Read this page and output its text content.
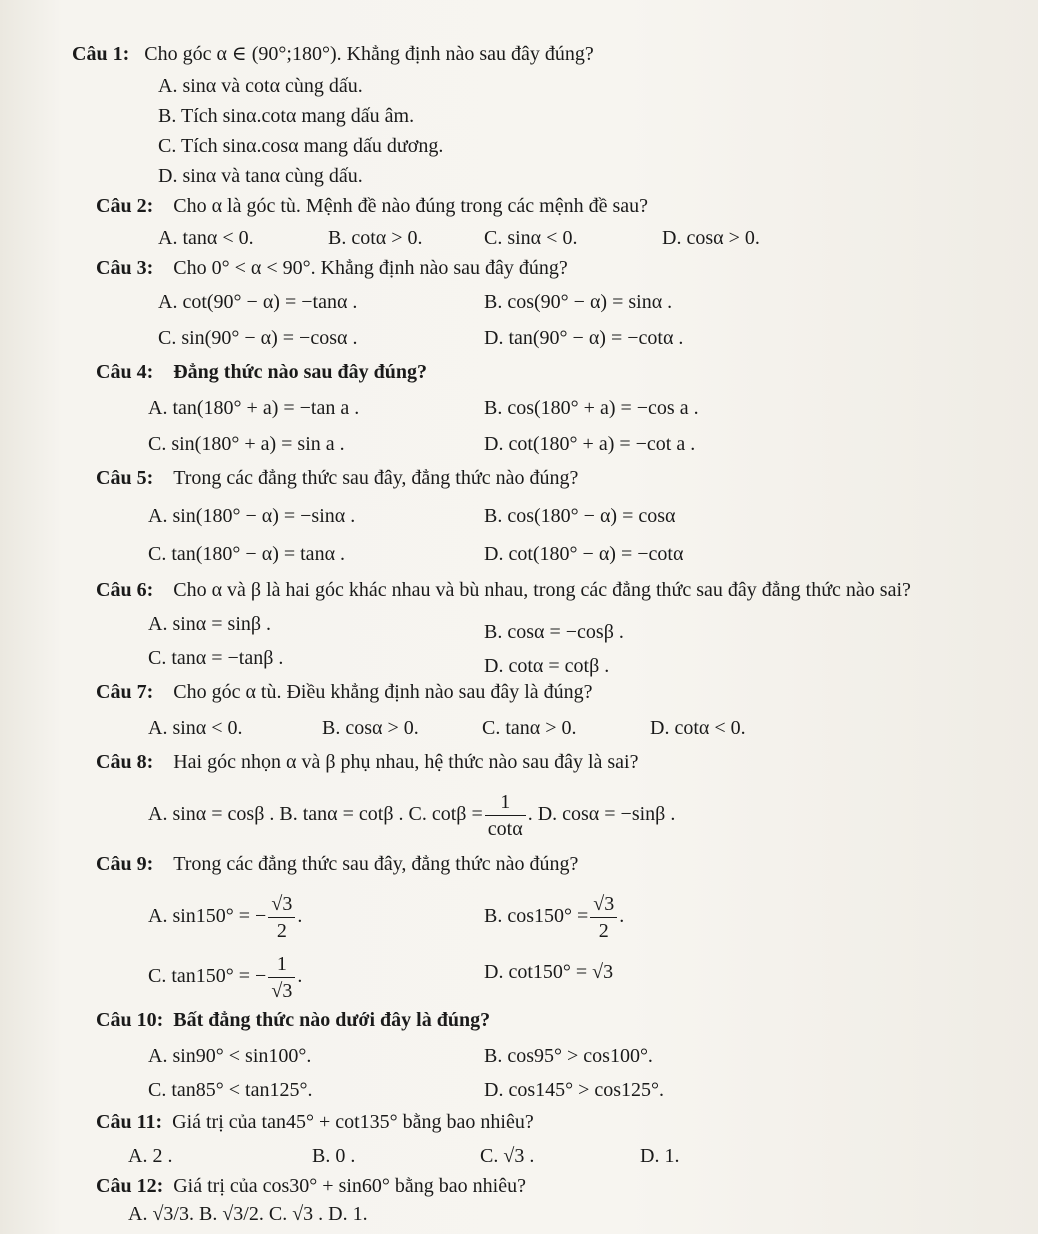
Câu 1: Cho góc α ∈ (90°;180°). Khẳng định nào sau đây đúng?
A. sinα và cotα cùng dấu.
B. Tích sinα.cotα mang dấu âm.
C. Tích sinα.cosα mang dấu dương.
D. sinα và tanα cùng dấu.
Câu 2: Cho α là góc tù. Mệnh đề nào đúng trong các mệnh đề sau?
A. tanα < 0.	B. cotα > 0.	C. sinα < 0.	D. cosα > 0.
Câu 3: Cho 0° < α < 90°. Khẳng định nào sau đây đúng?
A. cot(90° − α) = −tanα .	B. cos(90° − α) = sinα .
C. sin(90° − α) = −cosα .	D. tan(90° − α) = −cotα .
Câu 4: Đẳng thức nào sau đây đúng?
A. tan(180° + a) = −tan a .	B. cos(180° + a) = −cos a .
C. sin(180° + a) = sin a .	D. cot(180° + a) = −cot a .
Câu 5: Trong các đẳng thức sau đây, đẳng thức nào đúng?
A. sin(180° − α) = −sinα .	B. cos(180° − α) = cosα
C. tan(180° − α) = tanα .	D. cot(180° − α) = −cotα
Câu 6: Cho α và β là hai góc khác nhau và bù nhau, trong các đẳng thức sau đây đẳng thức nào sai?
A. sinα = sinβ .	B. cosα = −cosβ .
C. tanα = −tanβ .	D. cotα = cotβ .
Câu 7: Cho góc α tù. Điều khẳng định nào sau đây là đúng?
A. sinα < 0.	B. cosα > 0.	C. tanα > 0.	D. cotα < 0.
Câu 8: Hai góc nhọn α và β phụ nhau, hệ thức nào sau đây là sai?
A. sinα = cosβ . B. tanα = cotβ . C. $\cot\beta = \frac{1}{\cot\alpha}$ . D. cosα = −sinβ .
Câu 9: Trong các đẳng thức sau đây, đẳng thức nào đúng?
A. sin150° = − $\frac{√3}{2}$ .	B. $\cos 150^\circ = \frac{√3}{2}$ .
C. tan150° = − $\frac{1}{√3}$ .	D. cot150° = √3
Câu 10: Bất đẳng thức nào dưới đây là đúng?
A. sin90° < sin100°.	B. cos95° > cos100°.
C. tan85° < tan125°.	D. cos145° > cos125°.
Câu 11: Giá trị của tan45° + cot135° bằng bao nhiêu?
A. 2 .	B. 0 .	C. √3 .	D. 1.
Câu 12: Giá trị của cos30° + sin60° bằng bao nhiêu?
A. √3/3. B. √3/2. C. √3 . D. 1.
